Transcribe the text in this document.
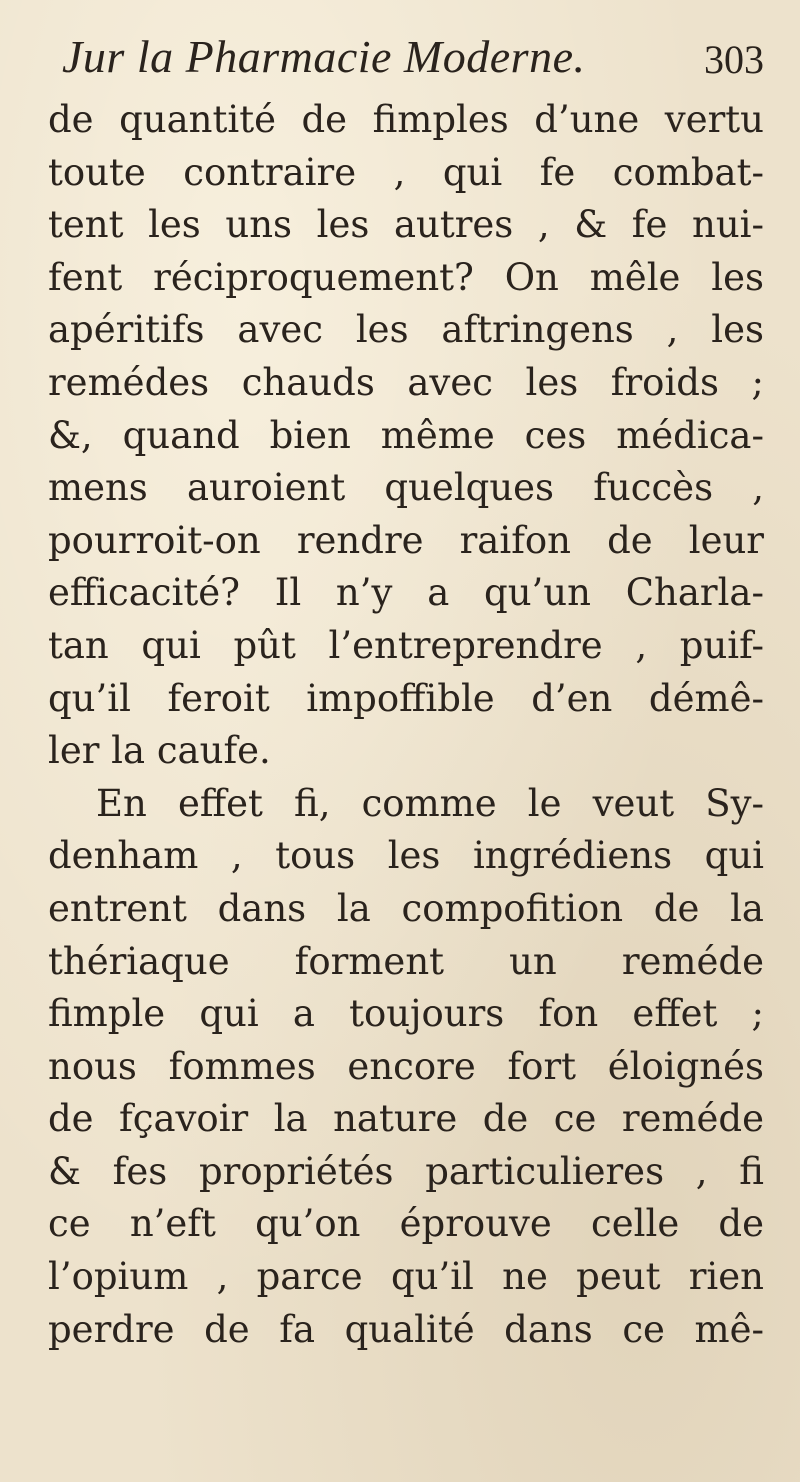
Jur la Pharmacie Moderne.	303
de quantité de fimples d’une vertu
toute contraire , qui fe combat-
tent les uns les autres , & fe nui-
fent réciproquement? On mêle les
apéritifs avec les aftringens , les
remédes chauds avec les froids ;
&, quand bien même ces médica-
mens auroient quelques fuccès ,
pourroit-on rendre raifon de leur
efficacité? Il n’y a qu’un Charla-
tan qui pût l’entreprendre , puif-
qu’il feroit impoffible d’en démê-
ler la caufe.
En effet fi, comme le veut Sy-
denham , tous les ingrédiens qui
entrent dans la compofition de la
thériaque forment un reméde
fimple qui a toujours fon effet ;
nous fommes encore fort éloignés
de fçavoir la nature de ce reméde
& fes propriétés particulieres , fi
ce n’eft qu’on éprouve celle de
l’opium , parce qu’il ne peut rien
perdre de fa qualité dans ce mê-
